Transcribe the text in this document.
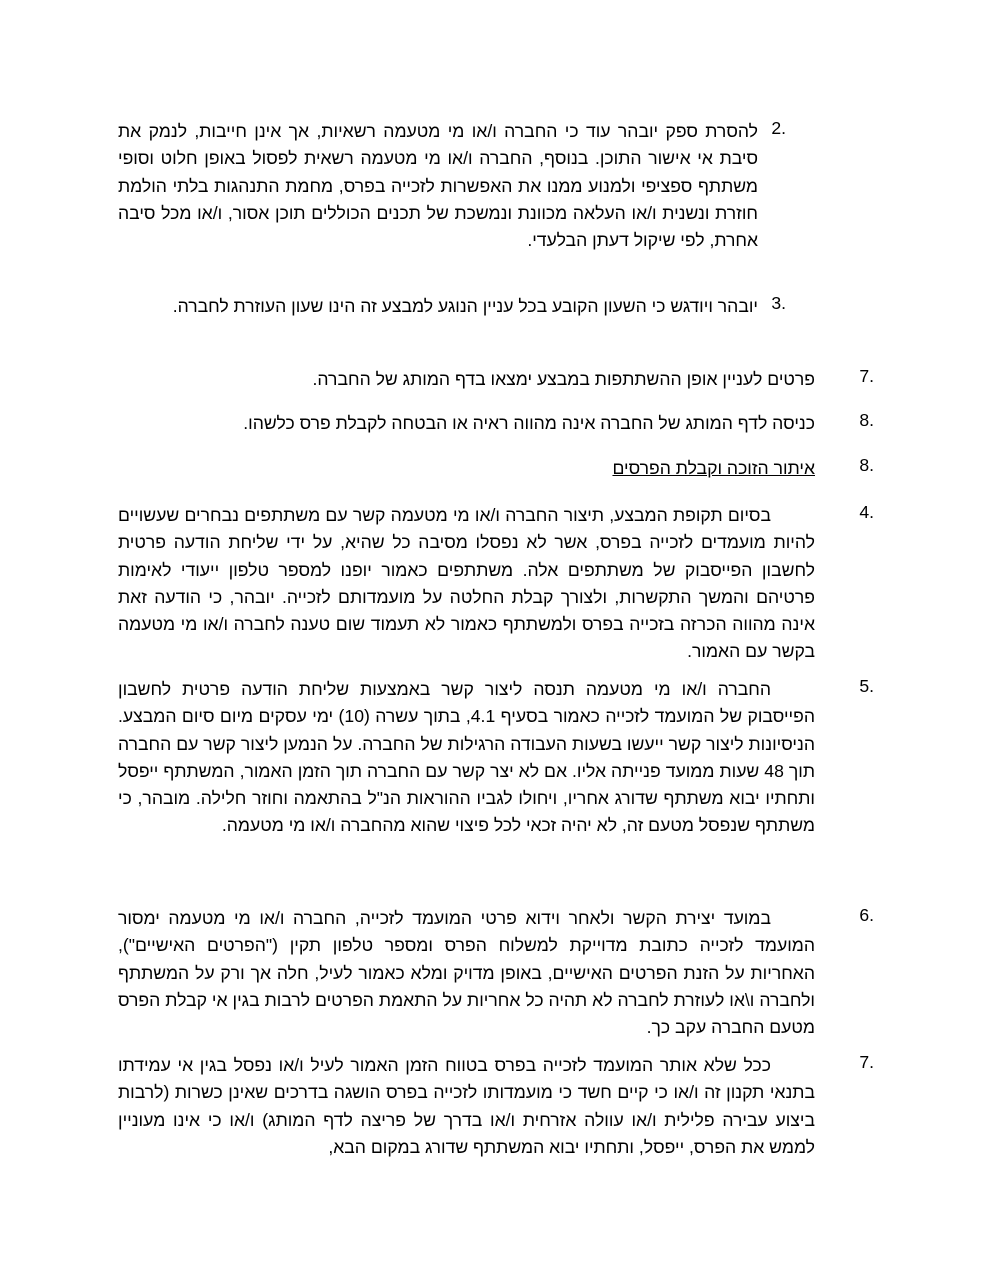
2.

להסרת ספק יובהר עוד כי החברה ו/או מי מטעמה רשאיות, אך אינן חייבות, לנמק את סיבת אי אישור התוכן. בנוסף, החברה ו/או מי מטעמה רשאית לפסול באופן חלוט וסופי משתתף ספציפי ולמנוע ממנו את האפשרות לזכייה בפרס, מחמת התנהגות בלתי הולמת חוזרת ונשנית ו/או העלאה מכוונת ונמשכת של תכנים הכוללים תוכן אסור, ו/או מכל סיבה אחרת, לפי שיקול דעתן הבלעדי.

3.

יובהר ויודגש כי השעון הקובע בכל עניין הנוגע למבצע זה הינו שעון העוזרת לחברה.

7.

פרטים לעניין אופן ההשתתפות במבצע ימצאו בדף המותג של החברה.

8.

כניסה לדף המותג של החברה אינה מהווה ראיה או הבטחה לקבלת פרס כלשהו.

8.

איתור הזוכה וקבלת הפרסים

4.

בסיום תקופת המבצע, תיצור החברה ו/או מי מטעמה קשר עם משתתפים נבחרים שעשויים להיות מועמדים לזכייה בפרס, אשר לא נפסלו מסיבה כל שהיא, על ידי שליחת הודעה פרטית לחשבון הפייסבוק של משתתפים אלה. משתתפים כאמור יופנו למספר טלפון ייעודי לאימות פרטיהם והמשך התקשרות, ולצורך קבלת החלטה על מועמדותם לזכייה. יובהר, כי הודעה זאת אינה מהווה הכרזה בזכייה בפרס ולמשתתף כאמור לא תעמוד שום טענה לחברה ו/או מי מטעמה בקשר עם האמור.

5.

החברה ו/או מי מטעמה תנסה ליצור קשר באמצעות שליחת הודעה פרטית לחשבון הפייסבוק של המועמד לזכייה כאמור בסעיף 4.1, בתוך עשרה (10) ימי עסקים מיום סיום המבצע. הניסיונות ליצור קשר ייעשו בשעות העבודה הרגילות של החברה. על הנמען ליצור קשר עם החברה תוך 48 שעות ממועד פנייתה אליו. אם לא יצר קשר עם החברה תוך הזמן האמור, המשתתף ייפסל ותחתיו יבוא משתתף שדורג אחריו, ויחולו לגביו ההוראות הנ"ל בהתאמה וחוזר חלילה. מובהר, כי משתתף שנפסל מטעם זה, לא יהיה זכאי לכל פיצוי שהוא מהחברה ו/או מי מטעמה.

6.

במועד יצירת הקשר ולאחר וידוא פרטי המועמד לזכייה, החברה ו/או מי מטעמה ימסור המועמד לזכייה כתובת מדוייקת למשלוח הפרס ומספר טלפון תקין ("הפרטים האישיים"), האחריות על הזנת הפרטים האישיים, באופן מדויק ומלא כאמור לעיל, חלה אך ורק על המשתתף ולחברה ו\או לעוזרת לחברה לא תהיה כל אחריות על התאמת הפרטים לרבות בגין אי קבלת הפרס מטעם החברה עקב כך.

7.

ככל שלא אותר המועמד לזכייה בפרס בטווח הזמן האמור לעיל ו/או נפסל בגין אי עמידתו בתנאי תקנון זה ו/או כי קיים חשד כי מועמדותו לזכייה בפרס הושגה בדרכים שאינן כשרות (לרבות ביצוע עבירה פלילית ו/או עוולה אזרחית ו/או בדרך של פריצה לדף המותג) ו/או כי אינו מעוניין לממש את הפרס, ייפסל, ותחתיו יבוא המשתתף שדורג במקום הבא,
